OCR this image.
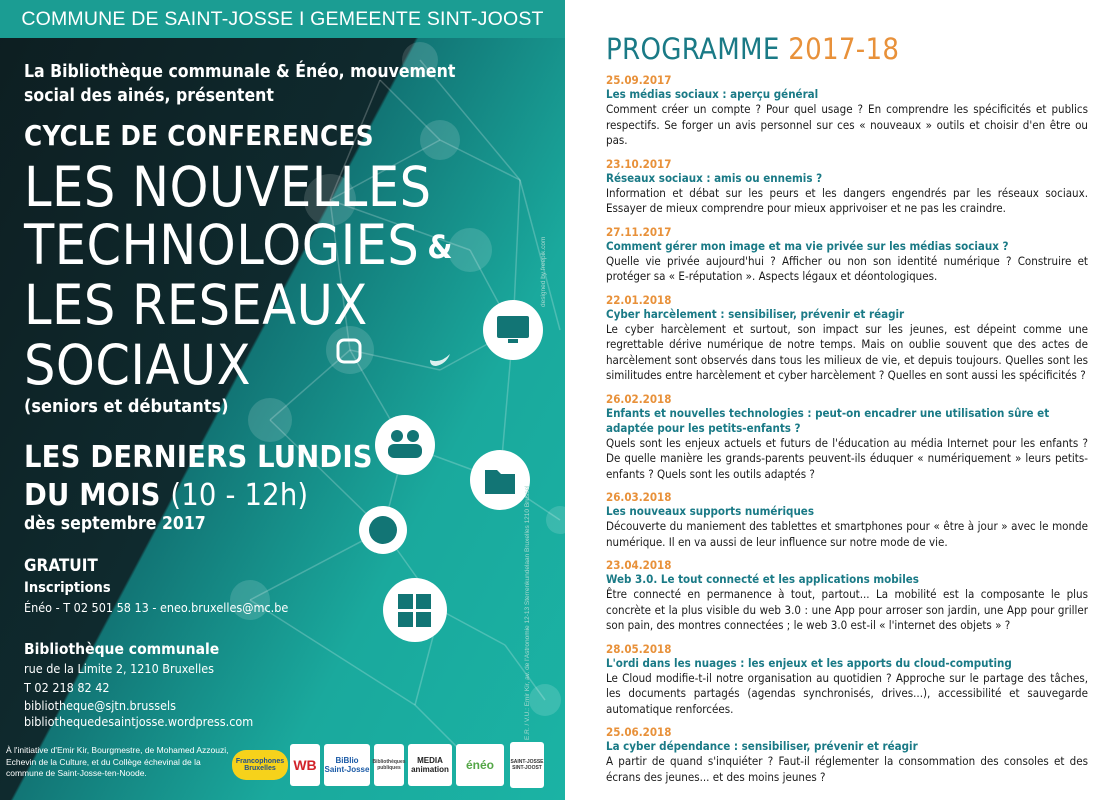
COMMUNE DE SAINT-JOSSE I GEMEENTE SINT-JOOST
La Bibliothèque communale & Énéo, mouvement
social des ainés, présentent
CYCLE DE CONFERENCES
LES NOUVELLES
TECHNOLOGIES &
LES RESEAUX
SOCIAUX
(seniors et débutants)
LES DERNIERS LUNDIS
DU MOIS (10 - 12h)
dès septembre 2017
GRATUIT
Inscriptions
Énéo - T 02 501 58 13 - eneo.bruxelles@mc.be
Bibliothèque communale
rue de la Limite 2, 1210 Bruxelles
T 02 218 82 42
bibliotheque@sjtn.brussels
bibliothequedesaintjosse.wordpress.com
À l'initiative d'Emir Kir, Bourgmestre, de Mohamed Azzouzi, Echevin de la Culture, et du Collège échevinal de la commune de Saint-Josse-ten-Noode.
E.R. / V.U.: Emir Kir, av. de l'Astronomie 12-13 Sterrenkundelaan Bruxelles 1210 Brussel
designed by freepik.com
Francophones Bruxelles	WB	BiBlio Saint-Josse
Bibliothèques publiques
MEDIA animation	énéo	SAINT-JOSSE SINT-JOOST
PROGRAMME 2017-18
25.09.2017
Les médias sociaux : aperçu général
Comment créer un compte ? Pour quel usage ? En comprendre les spécificités et publics respectifs. Se forger un avis personnel sur ces « nouveaux » outils et choisir d'en être ou pas.
23.10.2017
Réseaux sociaux : amis ou ennemis ?
Information et débat sur les peurs et les dangers engendrés par les réseaux sociaux. Essayer de mieux comprendre pour mieux apprivoiser et ne pas les craindre.
27.11.2017
Comment gérer mon image et ma vie privée sur les médias sociaux ?
Quelle vie privée aujourd'hui ? Afficher ou non son identité numérique ? Construire et protéger sa « E-réputation ». Aspects légaux et déontologiques.
22.01.2018
Cyber harcèlement : sensibiliser, prévenir et réagir
Le cyber harcèlement et surtout, son impact sur les jeunes, est dépeint comme une regrettable dérive numérique de notre temps. Mais on oublie souvent que des actes de harcèlement sont observés dans tous les milieux de vie, et depuis toujours. Quelles sont les similitudes entre harcèlement et cyber harcèlement ? Quelles en sont aussi les spécificités ?
26.02.2018
Enfants et nouvelles technologies : peut-on encadrer une utilisation sûre et adaptée pour les petits-enfants ?
Quels sont les enjeux actuels et futurs de l'éducation au média Internet pour les enfants ? De quelle manière les grands-parents peuvent-ils éduquer « numériquement » leurs petits-enfants ? Quels sont les outils adaptés ?
26.03.2018
Les nouveaux supports numériques
Découverte du maniement des tablettes et smartphones pour « être à jour » avec le monde numérique. Il en va aussi de leur influence sur notre mode de vie.
23.04.2018
Web 3.0. Le tout connecté et les applications mobiles
Être connecté en permanence à tout, partout... La mobilité est la composante le plus concrète et la plus visible du web 3.0 : une App pour arroser son jardin, une App pour griller son pain, des montres connectées ; le web 3.0 est-il « l'internet des objets » ?
28.05.2018
L'ordi dans les nuages : les enjeux et les apports du cloud-computing
Le Cloud modifie-t-il notre organisation au quotidien ? Approche sur le partage des tâches, les documents partagés (agendas synchronisés, drives...), accessibilité et sauvegarde automatique renforcées.
25.06.2018
La cyber dépendance : sensibiliser, prévenir et réagir
A partir de quand s'inquiéter ? Faut-il réglementer la consommation des consoles et des écrans des jeunes... et des moins jeunes ?
